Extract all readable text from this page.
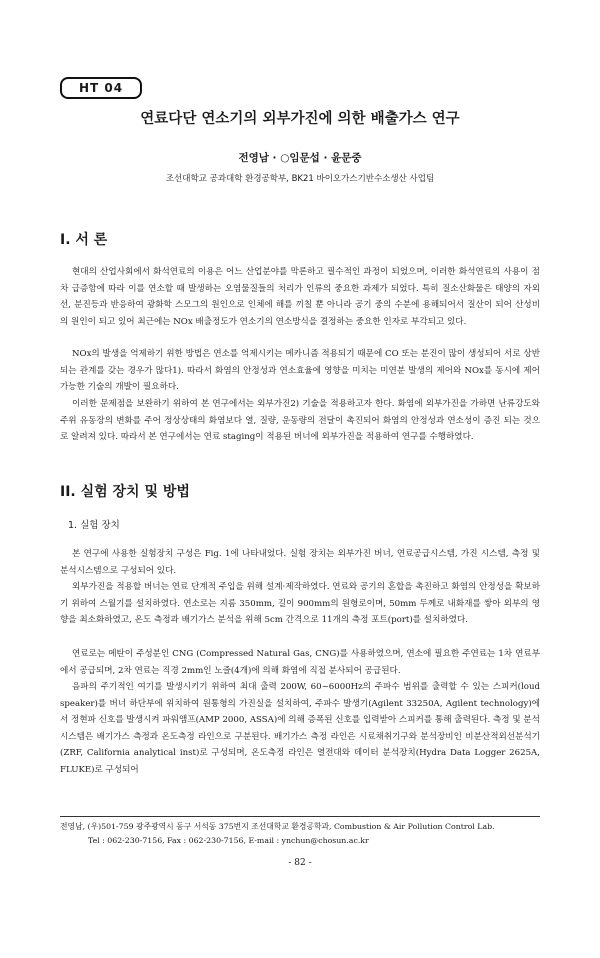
HT 04
연료다단 연소기의 외부가진에 의한 배출가스 연구
전영남 · ○임문섭 · 윤문중
조선대학교 공과대학 환경공학부, BK21 바이오가스기반수소생산 사업팀
I. 서 론

현대의 산업사회에서 화석연료의 이용은 어느 산업분야를 막론하고 필수적인 과정이 되었으며, 이러한 화석연료의 사용이 점차 급증함에 따라 이를 연소할 때 발생하는 오염물질들의 처리가 인류의 중요한 과제가 되었다. 특히 질소산화물은 태양의 자외선, 분진등과 반응하여 광화학 스모그의 원인으로 인체에 해를 끼칠 뿐 아니라 공기 중의 수분에 용해되어서 질산이 되어 산성비의 원인이 되고 있어 최근에는 NOx 배출정도가 연소기의 연소방식을 결정하는 중요한 인자로 부각되고 있다.

NOx의 발생을 억제하기 위한 방법은 연소를 억제시키는 메카니즘 적용되기 때문에 CO 또는 분진이 많이 생성되어 서로 상반되는 관계를 갖는 경우가 많다1). 따라서 화염의 안정성과 연소효율에 영향을 미치는 미연분 발생의 제어와 NOx를 동시에 제어 가능한 기술의 개발이 필요하다.

이러한 문제점을 보완하기 위하여 본 연구에서는 외부가진2) 기술을 적용하고자 한다. 화염에 외부가진을 가하면 난류강도와 주위 유동장의 변화를 주어 정상상태의 화염보다 열, 질량, 운동량의 전달이 촉진되어 화염의 안정성과 연소성이 증진 되는 것으로 알려져 있다. 따라서 본 연구에서는 연료 staging이 적용된 버너에 외부가진을 적용하여 연구를 수행하였다.

II. 실험 장치 및 방법
1. 실험 장치

본 연구에 사용한 실험장치 구성은 Fig. 1에 나타내었다. 실험 장치는 외부가진 버너, 연료공급시스템, 가진 시스템, 측정 및 분석시스템으로 구성되어 있다.

외부가진을 적용할 버너는 연료 단계적 주입을 위해 설계·제작하였다. 연료와 공기의 혼합을 촉진하고 화염의 안정성을 확보하기 위하여 스월기를 설치하였다. 연소로는 지름 350mm, 길이 900mm의 원형로이며, 50mm 두께로 내화재를 쌓아 외부의 영향을 최소화하였고, 온도 측정과 배기가스 분석을 위해 5cm 간격으로 11개의 측정 포트(port)를 설치하였다.

연료로는 메탄이 주성분인 CNG (Compressed Natural Gas, CNG)를 사용하였으며, 연소에 필요한 주연료는 1차 연료부에서 공급되며, 2차 연료는 직경 2mm인 노즐(4개)에 의해 화염에 직접 분사되어 공급된다.

음파의 주기적인 여기를 발생시키기 위하여 최대 출력 200W, 60~6000Hz의 주파수 범위를 출력할 수 있는 스피커(loud speaker)를 버너 하단부에 위치하여 원통형의 가진실을 설치하여, 주파수 발생기(Agilent 33250A, Agilent technology)에서 정현파 신호를 발생시켜 파워앰프(AMP 2000, ASSA)에 의해 증폭된 신호를 입력받아 스피커를 통해 출력된다. 측정 및 분석시스템은 배기가스 측정과 온도측정 라인으로 구분된다. 배기가스 측정 라인은 시료채취기구와 분석장비인 비분산적외선분석기(ZRF, California analytical inst)로 구성되며, 온도측정 라인은 열전대와 데이터 분석장치(Hydra Data Logger 2625A, FLUKE)로 구성되어

전영남, (우)501-759 광주광역시 동구 서석동 375번지 조선대학교 환경공학과, Combustion & Air Pollution Control Lab.
Tel : 062-230-7156, Fax : 062-230-7156, E-mail : ynchun@chosun.ac.kr
- 82 -
